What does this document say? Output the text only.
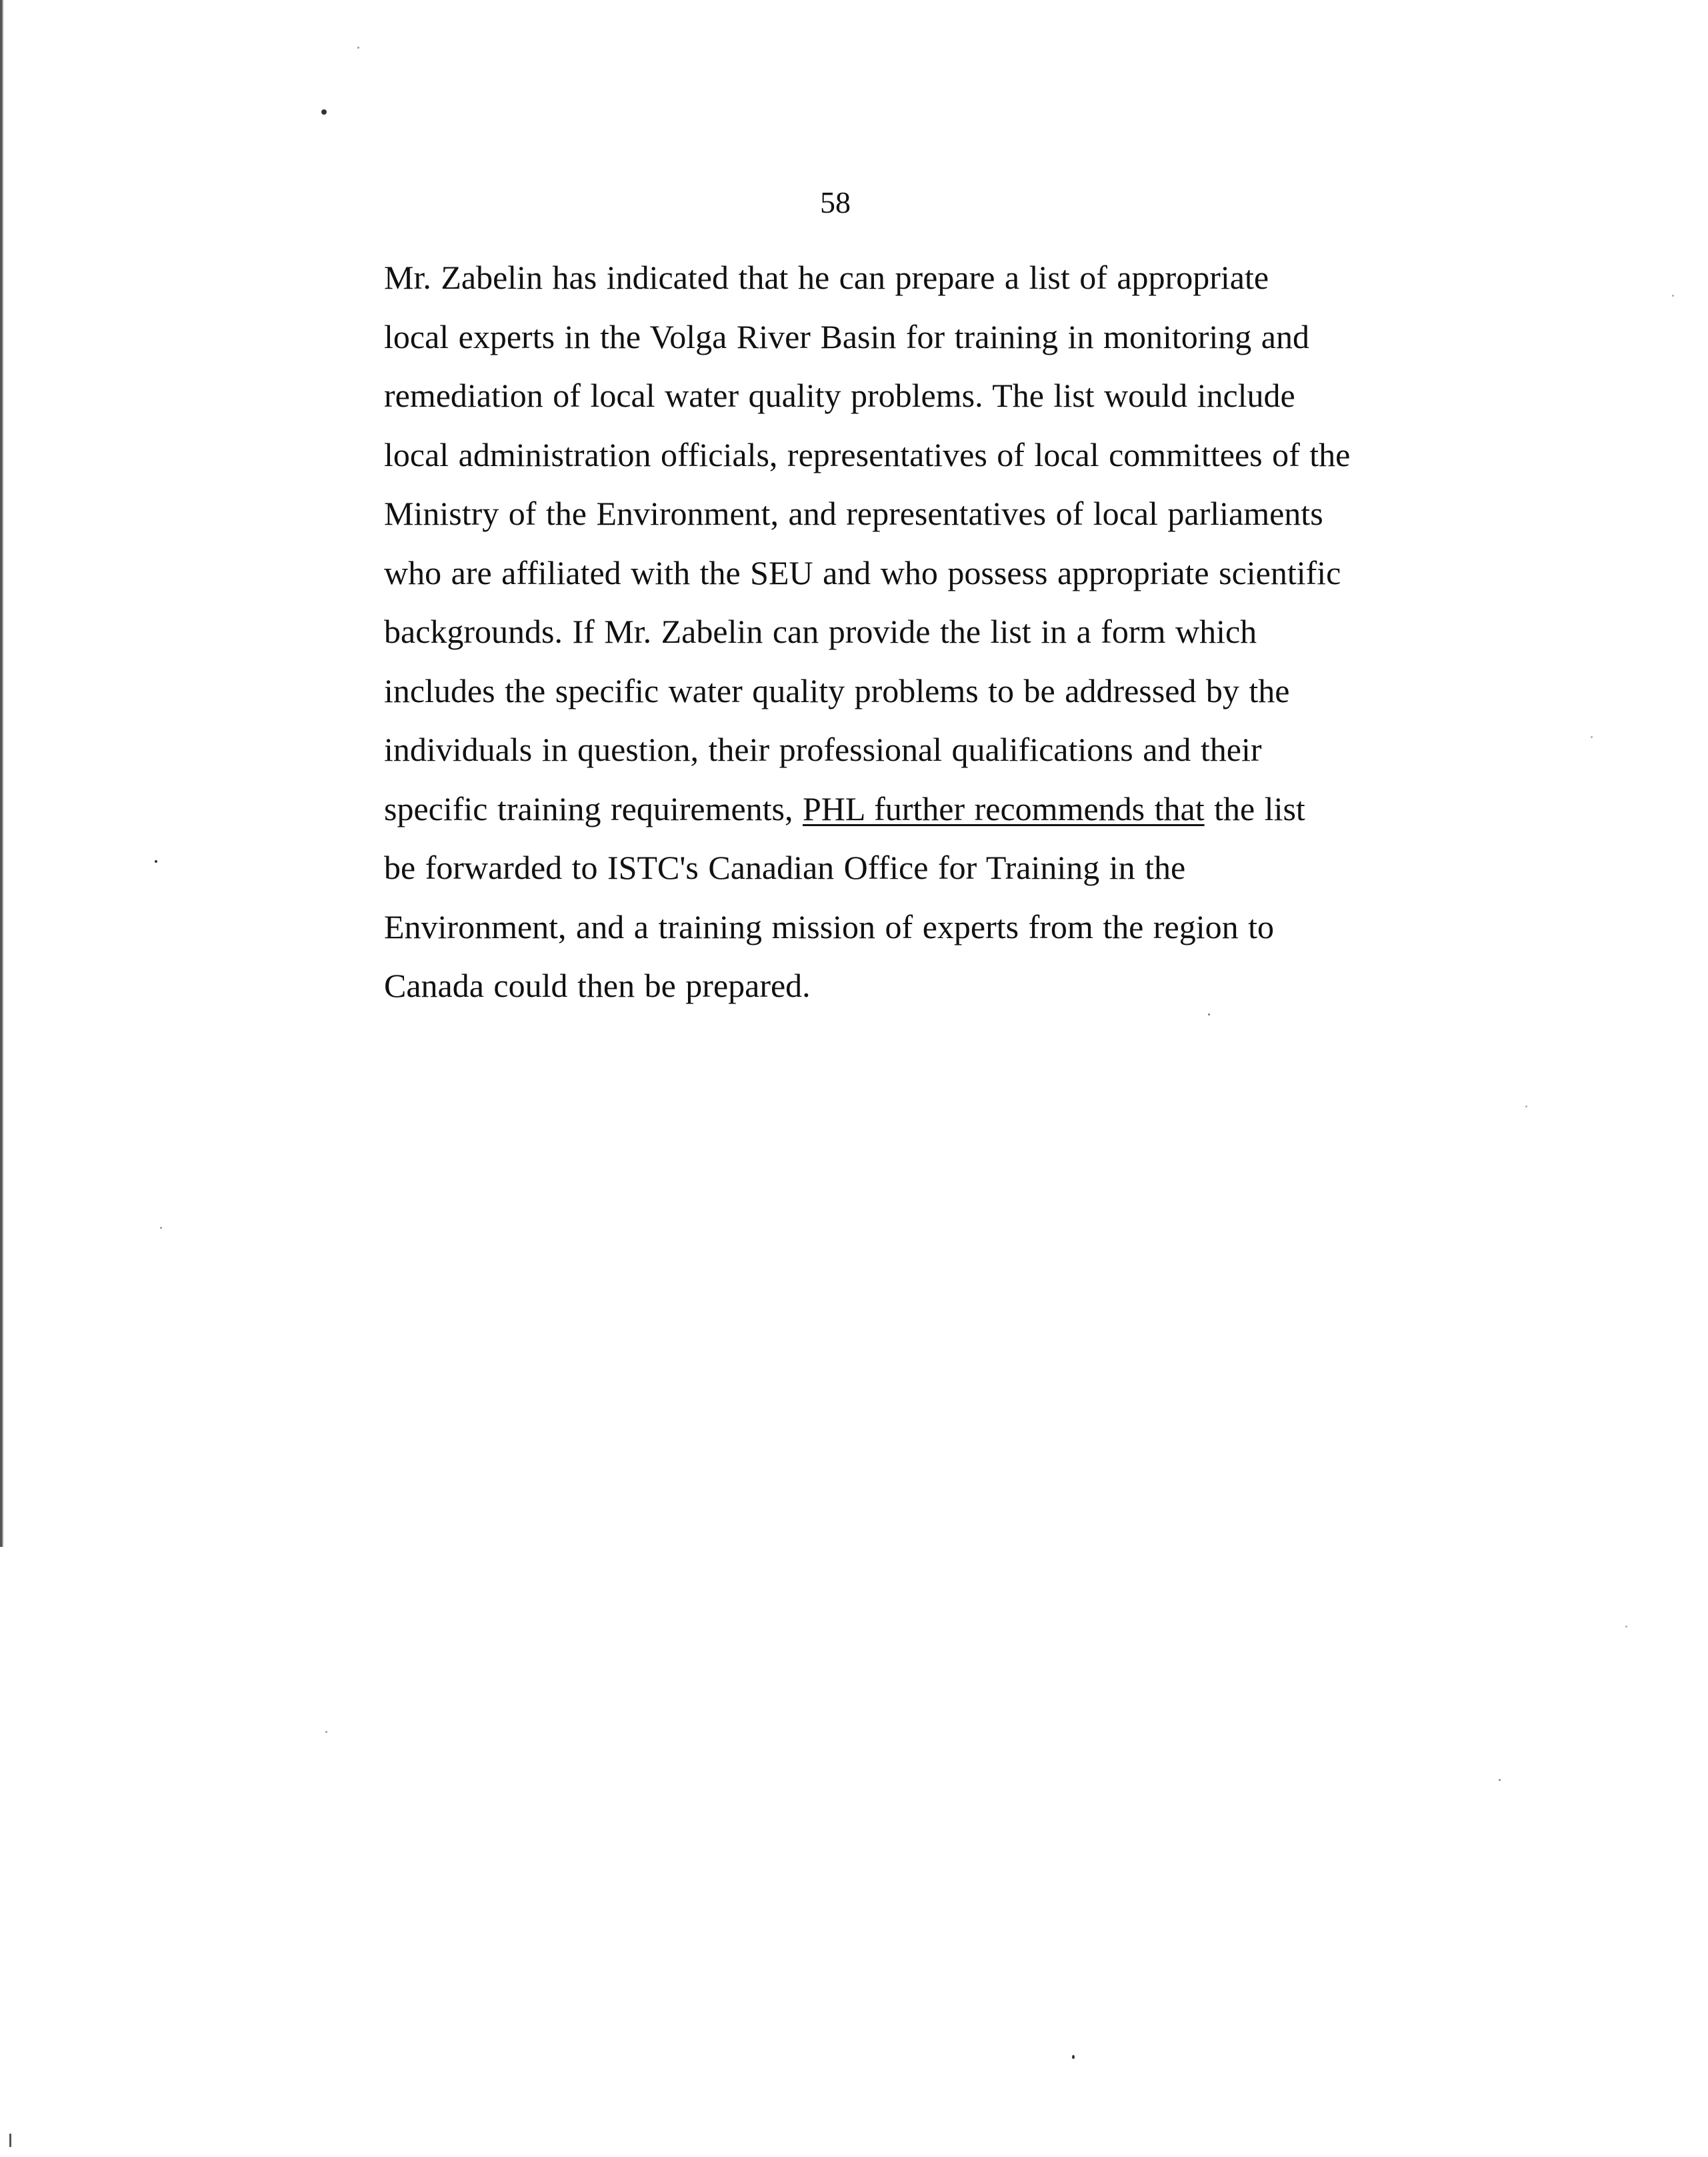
58
Mr. Zabelin has indicated that he can prepare a list of appropriate
local experts in the Volga River Basin for training in monitoring and
remediation of local water quality problems. The list would include
local administration officials, representatives of local committees of the
Ministry of the Environment, and representatives of local parliaments
who are affiliated with the SEU and who possess appropriate scientific
backgrounds. If Mr. Zabelin can provide the list in a form which
includes the specific water quality problems to be addressed by the
individuals in question, their professional qualifications and their
specific training requirements, PHL further recommends that the list
be forwarded to ISTC's Canadian Office for Training in the
Environment, and a training mission of experts from the region to
Canada could then be prepared.
